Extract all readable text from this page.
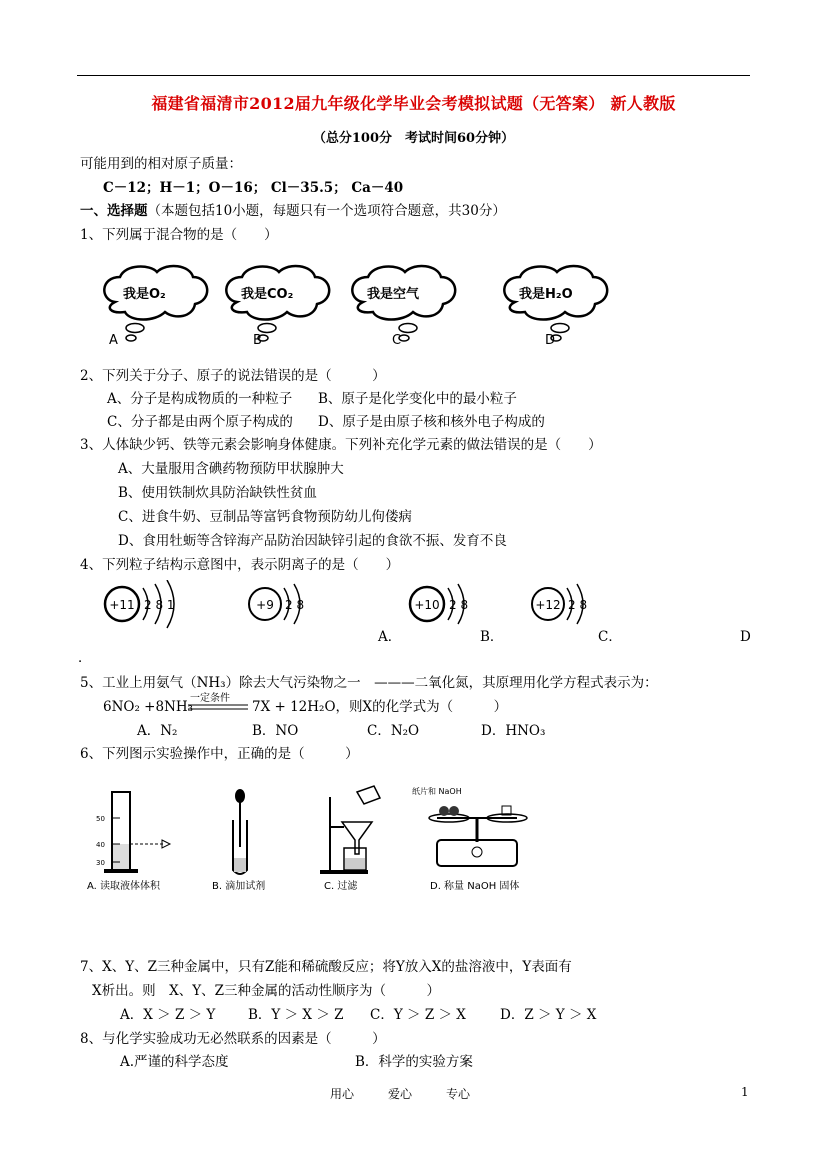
福建省福清市2012届九年级化学毕业会考模拟试题（无答案） 新人教版
（总分100分　考试时间60分钟）
可能用到的相对原子质量：
C－12；H－1；O－16； Cl－35.5； Ca－40
一、选择题（本题包括10小题，每题只有一个选项符合题意，共30分）
1、下列属于混合物的是（　　）
我是O₂
A
我是CO₂
B
我是空气
C
我是H₂O
D
2、下列关于分子、原子的说法错误的是（　　　）
A、分子是构成物质的一种粒子 B、原子是化学变化中的最小粒子
C、分子都是由两个原子构成的 D、原子是由原子核和核外电子构成的
3、人体缺少钙、铁等元素会影响身体健康。下列补充化学元素的做法错误的是（　　）
A、大量服用含碘药物预防甲状腺肿大
B、使用铁制炊具防治缺铁性贫血
C、进食牛奶、豆制品等富钙食物预防幼儿佝偻病
D、食用牡蛎等含锌海产品防治因缺锌引起的食欲不振、发育不良
4、下列粒子结构示意图中，表示阴离子的是（　　）
+11 2 8 1	+9 2 8	+10 2 8	+12 2 8
A．	B．	C．	D
．
5、工业上用氨气（NH₃）除去大气污染物之一　———二氧化氮，其原理用化学方程式表示为：
6NO₂ +8NH₃
一定条件
7X + 12H₂O，则X的化学式为（　　　）
A．N₂	B．NO	C．N₂O	D．HNO₃
6、下列图示实验操作中，正确的是（　　　）
50
40
30
A. 读取液体体积	B. 滴加试剂	C. 过滤
纸片和 NaOH
D. 称量 NaOH 固体
7、X、Y、Z三种金属中，只有Z能和稀硫酸反应；将Y放入X的盐溶液中，Y表面有
X析出。则　X、Y、Z三种金属的活动性顺序为（　　　）
A．X ＞ Z ＞ Y B．Y ＞ X ＞ Z C．Y ＞ Z ＞ X	D．Z ＞ Y ＞ X
8、与化学实验成功无必然联系的因素是（　　　）
A.严谨的科学态度	B．科学的实验方案
用心	爱心	专心	1
